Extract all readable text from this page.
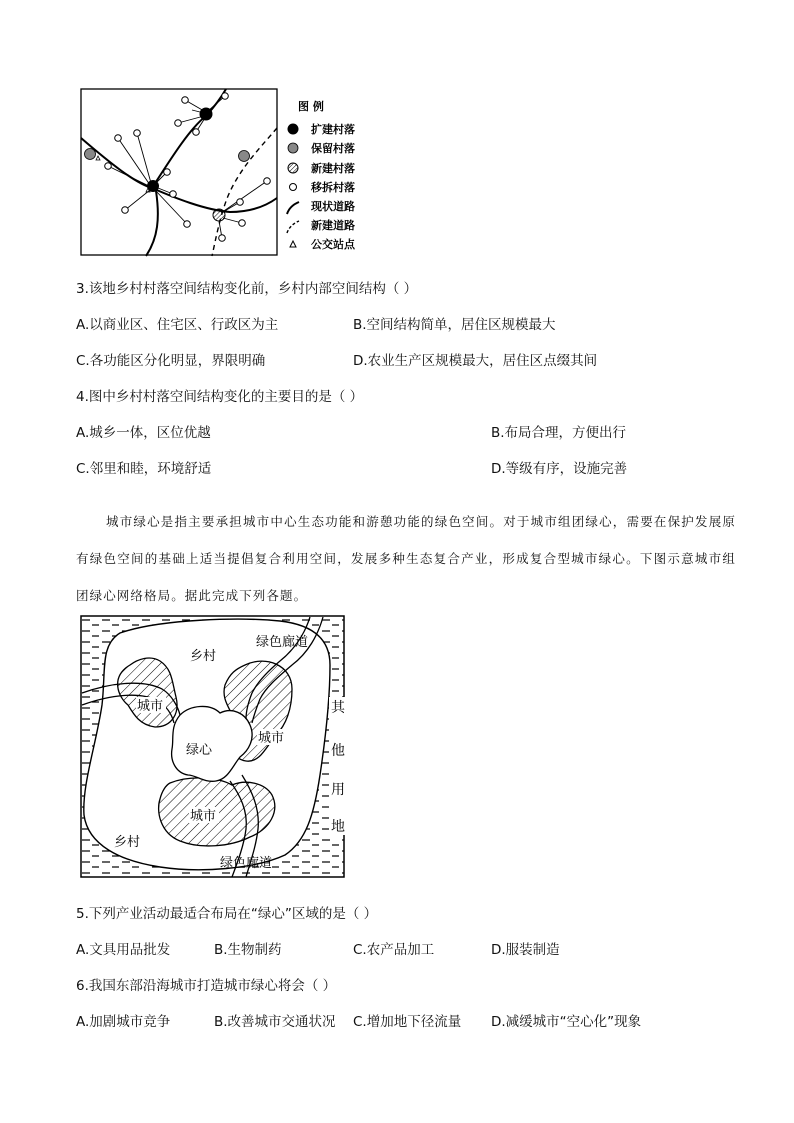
图 例
扩建村落
保留村落
新建村落
移拆村落
现状道路
新建道路
公交站点
3.该地乡村村落空间结构变化前，乡村内部空间结构（ ）
A.以商业区、住宅区、行政区为主	B.空间结构简单，居住区规模最大
C.各功能区分化明显，界限明确	D.农业生产区规模最大，居住区点缀其间
4.图中乡村村落空间结构变化的主要目的是（ ）
A.城乡一体，区位优越	B.布局合理，方便出行
C.邻里和睦，环境舒适	D.等级有序，设施完善
城市绿心是指主要承担城市中心生态功能和游憩功能的绿色空间。对于城市组团绿心，需要在保护发展原有绿色空间的基础上适当提倡复合利用空间，发展多种生态复合产业，形成复合型城市绿心。下图示意城市组团绿心网络格局。据此完成下列各题。
乡村
绿色廊道
城市
城市
绿心
城市
乡村
绿色廊道
其
他
用
地
5.下列产业活动最适合布局在“绿心”区域的是（ ）
A.文具用品批发	B.生物制药	C.农产品加工	D.服装制造
6.我国东部沿海城市打造城市绿心将会（ ）
A.加剧城市竞争	B.改善城市交通状况 C.增加地下径流量 D.减缓城市“空心化”现象
